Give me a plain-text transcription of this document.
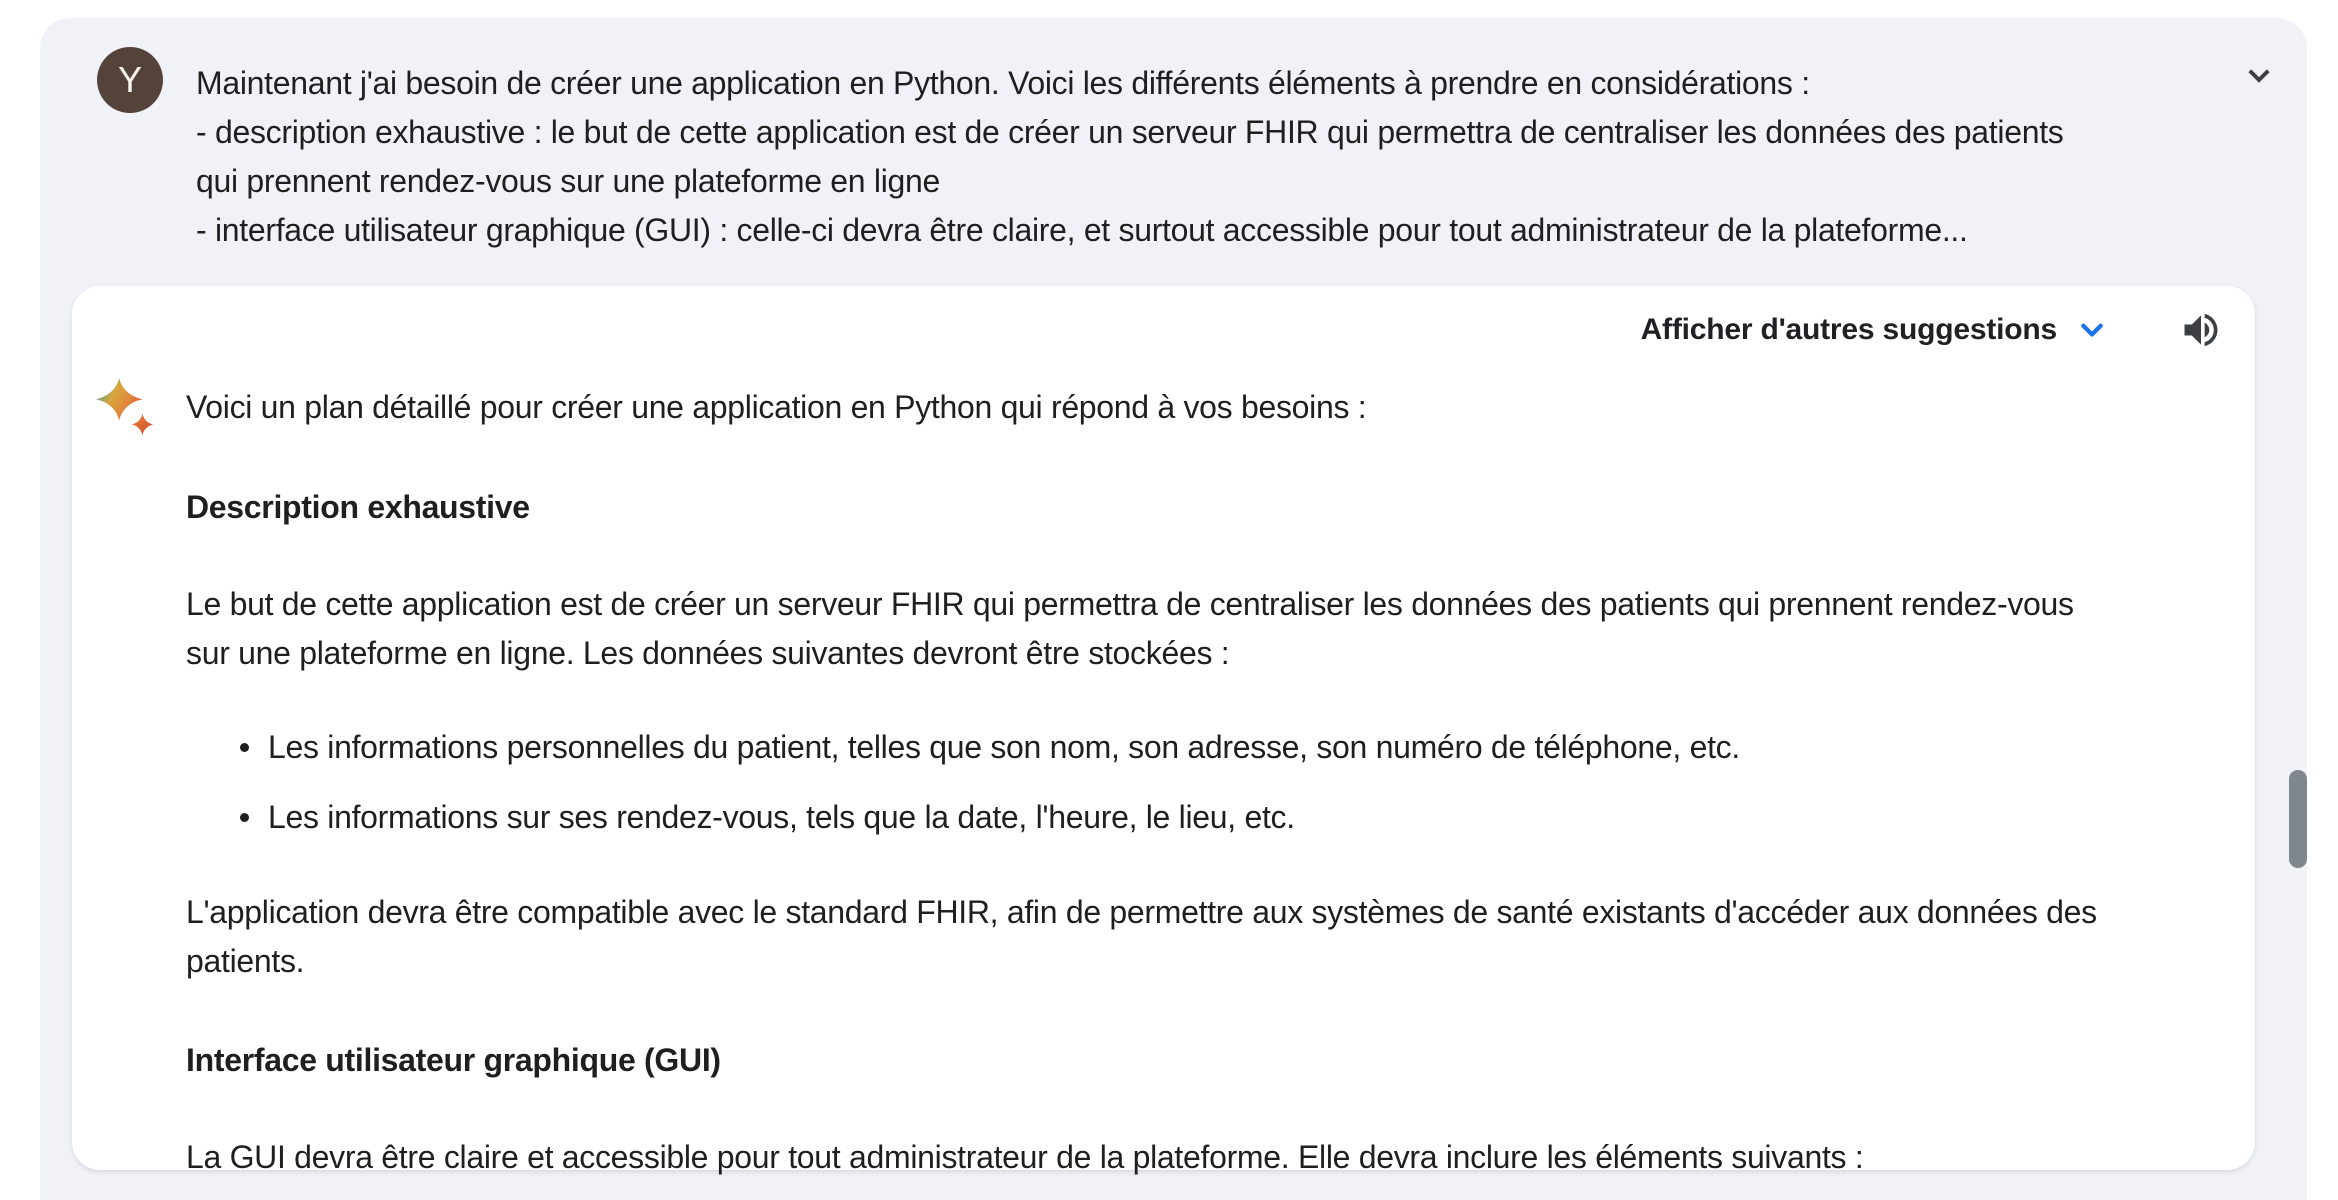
Y	Maintenant j'ai besoin de créer une application en Python. Voici les différents éléments à prendre en considérations :
- description exhaustive : le but de cette application est de créer un serveur FHIR qui permettra de centraliser les données des patients
qui prennent rendez-vous sur une plateforme en ligne
- interface utilisateur graphique (GUI) : celle-ci devra être claire, et surtout accessible pour tout administrateur de la plateforme...
Afficher d'autres suggestions
Voici un plan détaillé pour créer une application en Python qui répond à vos besoins :
Description exhaustive
Le but de cette application est de créer un serveur FHIR qui permettra de centraliser les données des patients qui prennent rendez-vous
sur une plateforme en ligne. Les données suivantes devront être stockées :
Les informations personnelles du patient, telles que son nom, son adresse, son numéro de téléphone, etc.
Les informations sur ses rendez-vous, tels que la date, l'heure, le lieu, etc.
L'application devra être compatible avec le standard FHIR, afin de permettre aux systèmes de santé existants d'accéder aux données des
patients.
Interface utilisateur graphique (GUI)
La GUI devra être claire et accessible pour tout administrateur de la plateforme. Elle devra inclure les éléments suivants :
